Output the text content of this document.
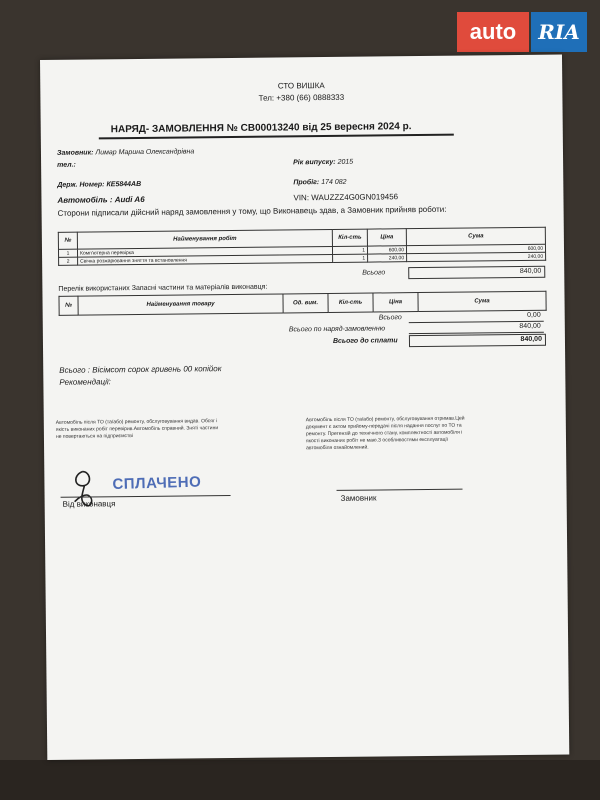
auto	RIA
СТО ВИШКА
Тел: +380 (66) 0888333
НАРЯД- ЗАМОВЛЕННЯ № СВ00013240 від 25 вересня 2024 р.
Замовник: Лимар Марина Олександрівна
тел.:	Рік випуску: 2015
Держ. Номер: КЕ5844АВ	Пробіг: 174 082
Автомобіль : Audi A6	VIN: WAUZZZ4G0GN019456
Сторони підписали дійсний наряд замовлення у тому, що Виконавець здав, а Замовник прийняв роботи:
№	Найменування робіт	Кіл-сть	Ціна	Сума
1	Комп'ютерна перевірка	1	600,00	600,00
2	Свічка розжарювання зняття та встановлення	1	240,00	240,00
Всього	840,00
Перелік використаних Запасні частини та матеріалів виконавця:
№	Найменування товару	Од. вим.	Кіл-сть	Ціна	Сума
Всього	0,00
Всього по наряд-замовленню	840,00
Всього до сплати	840,00
Всього : Вісімсот сорок гривень 00 копійок
Рекомендації:
Автомобіль після ТО (та/або) ремонту, обслуговування видав. Обсяг і якість виконаних робіт перевірив.Автомобіль справний. Зняті частини не повертаються на підприємстві
Автомобіль після ТО (та/або) ремонту, обслуговування отримав.Цей документ є актом прийому-передачі після надання послуг по ТО та ремонту. Претензій до технічного стану, комплектності автомобіля і якості виконаних робіт не маю.З особливостями експлуатації автомобіля ознайомлений.
СПЛАЧЕНО
Від виконавця
Замовник
